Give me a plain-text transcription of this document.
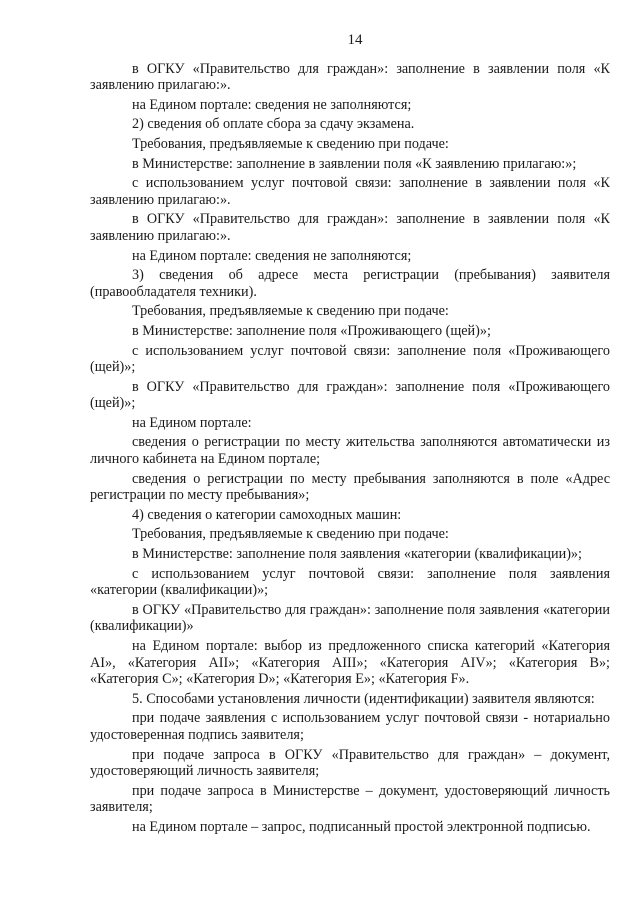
14

в ОГКУ «Правительство для граждан»: заполнение в заявлении поля «К заявлению прилагаю:».

на Едином портале: сведения не заполняются;

2) сведения об оплате сбора за сдачу экзамена.

Требования, предъявляемые к сведению при подаче:

в Министерстве: заполнение в заявлении поля «К заявлению прилагаю:»;

с использованием услуг почтовой связи: заполнение в заявлении поля «К заявлению прилагаю:».

в ОГКУ «Правительство для граждан»: заполнение в заявлении поля «К заявлению прилагаю:».

на Едином портале: сведения не заполняются;

3) сведения об адресе места регистрации (пребывания) заявителя (правообладателя техники).

Требования, предъявляемые к сведению при подаче:

в Министерстве: заполнение поля «Проживающего (щей)»;

с использованием услуг почтовой связи: заполнение поля «Проживающего (щей)»;

в ОГКУ «Правительство для граждан»: заполнение поля «Проживающего (щей)»;

на Едином портале:

сведения о регистрации по месту жительства заполняются автоматически из личного кабинета на Едином портале;

сведения о регистрации по месту пребывания заполняются в поле «Адрес регистрации по месту пребывания»;

4) сведения о категории самоходных машин:

Требования, предъявляемые к сведению при подаче:

в Министерстве: заполнение поля заявления «категории (квалификации)»;

с использованием услуг почтовой связи: заполнение поля заявления «категории (квалификации)»;

в ОГКУ «Правительство для граждан»: заполнение поля заявления «категории (квалификации)»

на Едином портале: выбор из предложенного списка категорий «Категория AI», «Категория AII»; «Категория AIII»; «Категория AIV»; «Категория B»; «Категория C»; «Категория D»; «Категория E»; «Категория F».

5. Способами установления личности (идентификации) заявителя являются:

при подаче заявления с использованием услуг почтовой связи - нотариально удостоверенная подпись заявителя;

при подаче запроса в ОГКУ «Правительство для граждан» – документ, удостоверяющий личность заявителя;

при подаче запроса в Министерстве – документ, удостоверяющий личность заявителя;

на Едином портале – запрос, подписанный простой электронной подписью.
